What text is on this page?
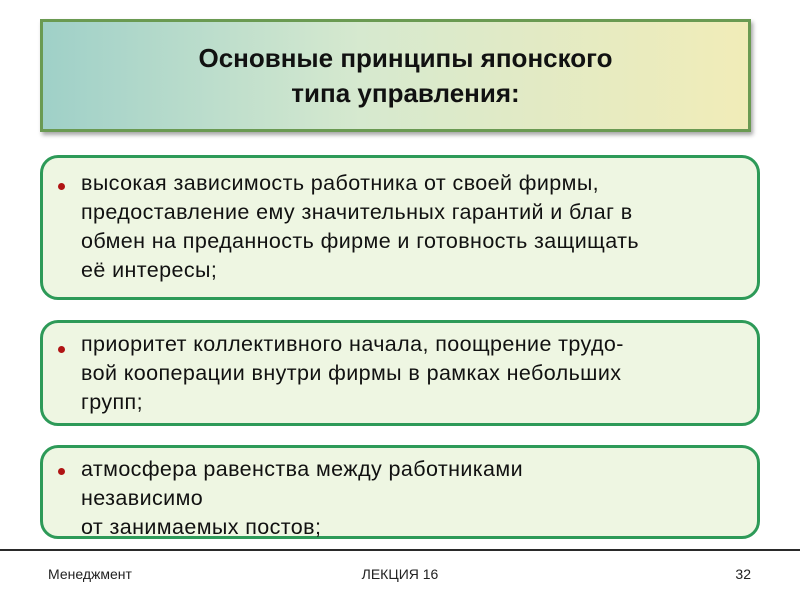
Основные принципы японского
типа управления:

высокая зависимость работника от своей фирмы,
предоставление ему значительных гарантий и благ в
обмен на преданность фирме и готовность защищать
её интересы;

приоритет коллективного начала, поощрение трудо-
вой кооперации внутри фирмы в рамках небольших
групп;

атмосфера равенства между работниками
независимо
от занимаемых постов;

Менеджмент	ЛЕКЦИЯ 16	32
